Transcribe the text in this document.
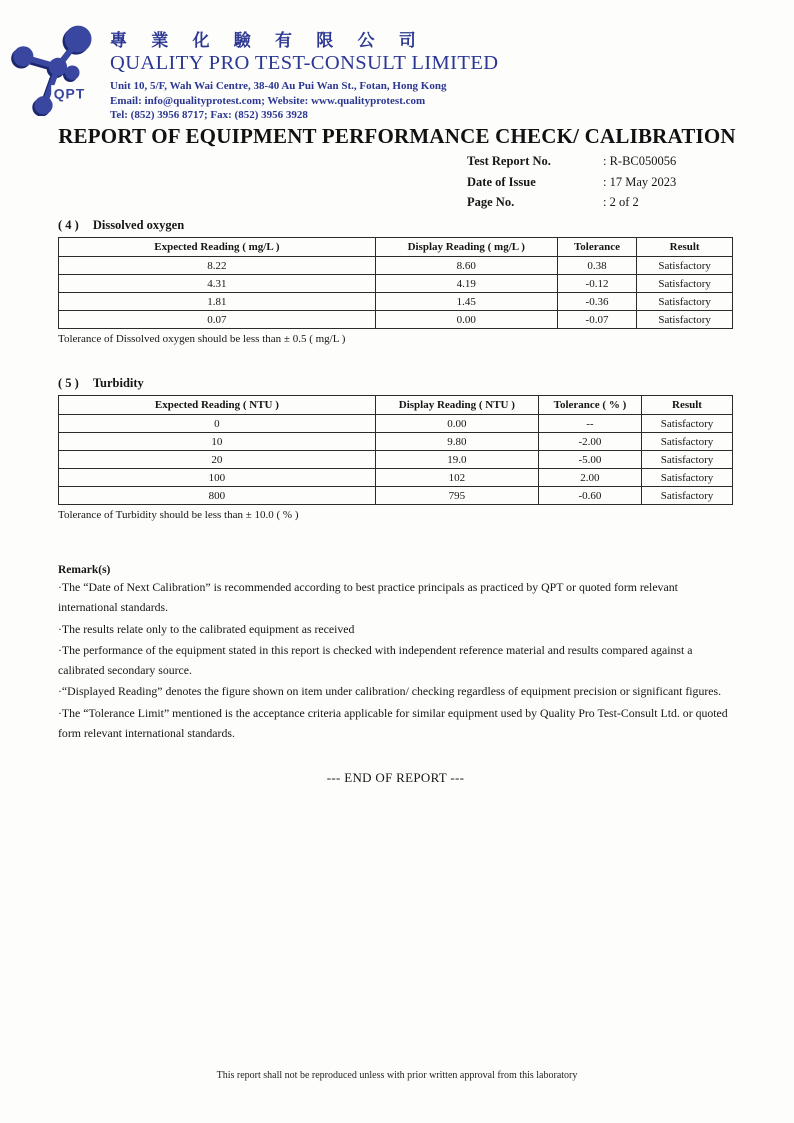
QPT
專 業 化 驗 有 限 公 司
QUALITY PRO TEST-CONSULT LIMITED
Unit 10, 5/F, Wah Wai Centre, 38-40 Au Pui Wan St., Fotan, Hong Kong
Email: info@qualityprotest.com; Website: www.qualityprotest.com
Tel: (852) 3956 8717; Fax: (852) 3956 3928
REPORT OF EQUIPMENT PERFORMANCE CHECK/ CALIBRATION
Test Report No.	: R-BC050056
Date of Issue	: 17 May 2023
Page No.	: 2 of 2
( 4 ) Dissolved oxygen
Expected Reading ( mg/L )	Display Reading ( mg/L )	Tolerance	Result
8.22	8.60	0.38	Satisfactory
4.31	4.19	-0.12	Satisfactory
1.81	1.45	-0.36	Satisfactory
0.07	0.00	-0.07	Satisfactory
Tolerance of Dissolved oxygen should be less than ± 0.5 ( mg/L )
( 5 ) Turbidity
Expected Reading ( NTU )	Display Reading ( NTU )	Tolerance ( % )	Result
0	0.00	--	Satisfactory
10	9.80	-2.00	Satisfactory
20	19.0	-5.00	Satisfactory
100	102	2.00	Satisfactory
800	795	-0.60	Satisfactory
Tolerance of Turbidity should be less than ± 10.0 ( % )
Remark(s)
·The “Date of Next Calibration” is recommended according to best practice principals as practiced by QPT or quoted form relevant international standards.
·The results relate only to the calibrated equipment as received
·The performance of the equipment stated in this report is checked with independent reference material and results compared against a calibrated secondary source.
·“Displayed Reading” denotes the figure shown on item under calibration/ checking regardless of equipment precision or significant figures.
·The “Tolerance Limit” mentioned is the acceptance criteria applicable for similar equipment used by Quality Pro Test-Consult Ltd. or quoted form relevant international standards.
--- END OF REPORT ---
This report shall not be reproduced unless with prior written approval from this laboratory
